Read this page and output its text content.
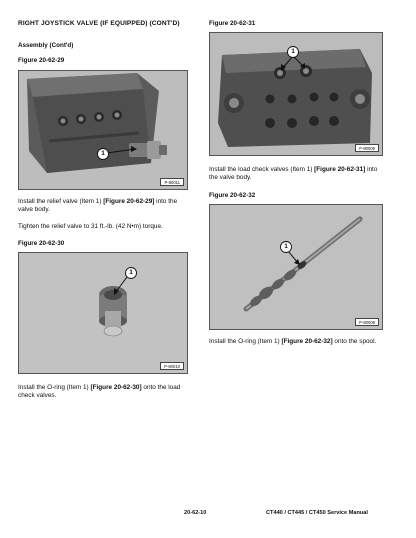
RIGHT JOYSTICK VALVE (IF EQUIPPED) (CONT'D)
Assembly (Cont'd)
Figure 20-62-29
1
P-80011
Install the relief valve (Item 1) [Figure 20-62-29] into the valve body.
Tighten the relief valve to 31 ft.-lb. (42 N•m) torque.
Figure 20-62-30
1
P-80010
Install the O-ring (Item 1) [Figure 20-62-30] onto the load check valves.
Figure 20-62-31
1
P-80009
Install the load check valves (Item 1) [Figure 20-62-31] into the valve body.
Figure 20-62-32
1
P-80008
Install the O-ring (Item 1) [Figure 20-62-32] onto the spool.
20-62-10	CT440 / CT445 / CT450 Service Manual
